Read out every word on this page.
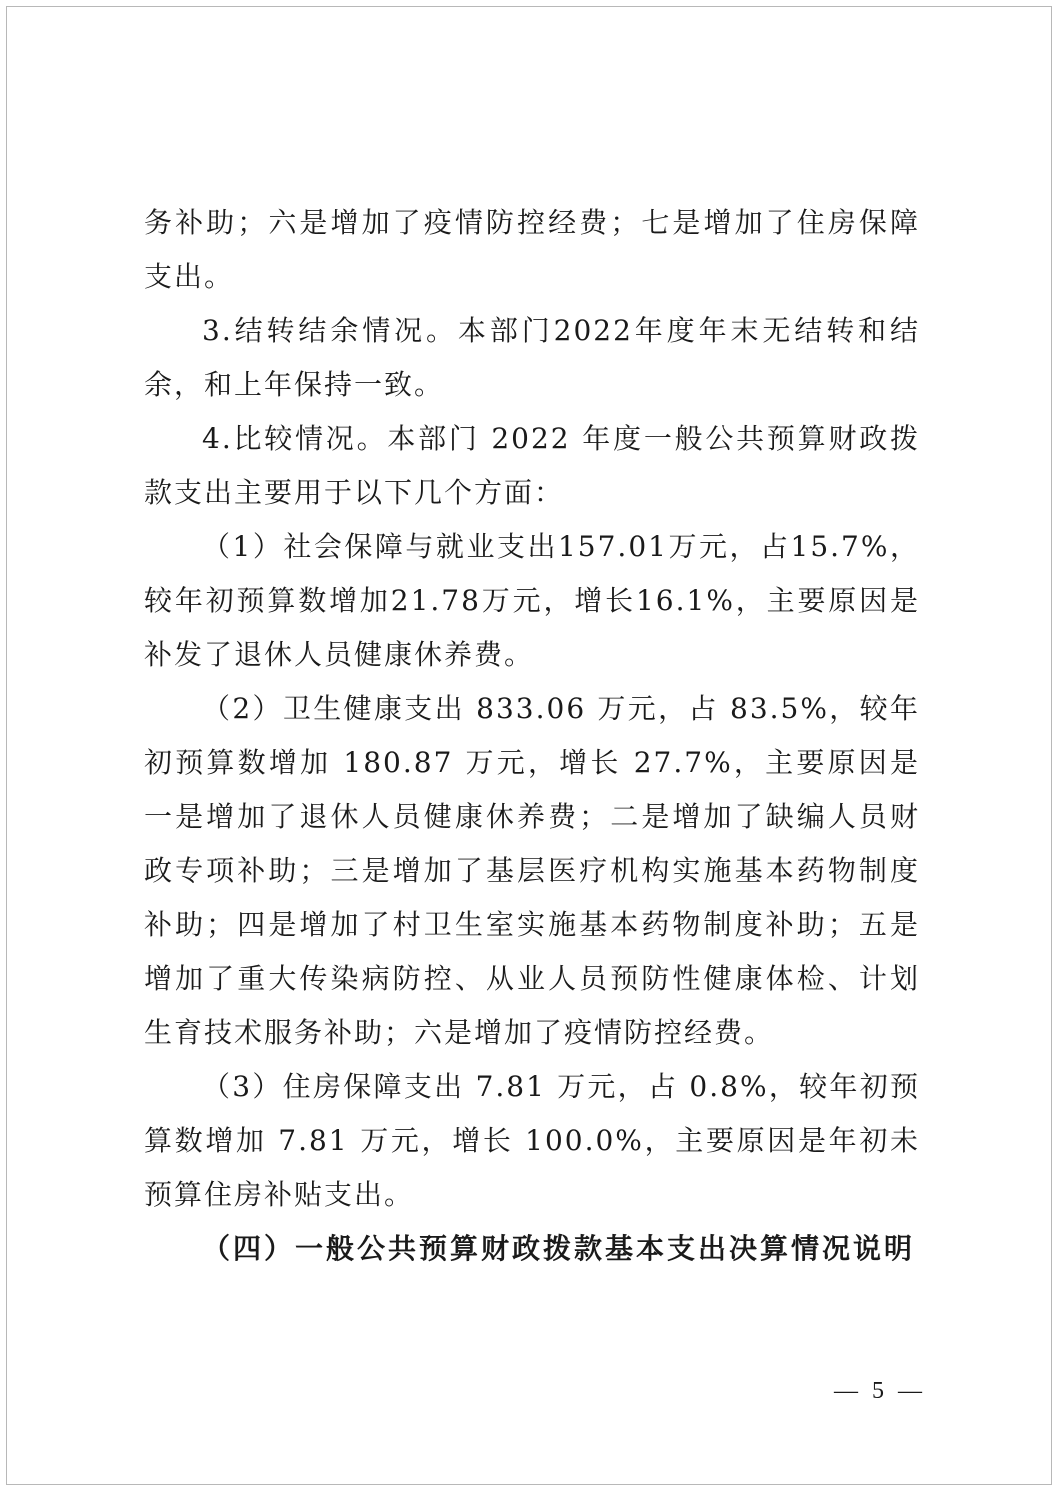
务补助；六是增加了疫情防控经费；七是增加了住房保障支出。

3.结转结余情况。本部门2022年度年末无结转和结余，和上年保持一致。

4.比较情况。本部门 2022 年度一般公共预算财政拨款支出主要用于以下几个方面：

（1）社会保障与就业支出157.01万元，占15.7%，较年初预算数增加21.78万元，增长16.1%，主要原因是补发了退休人员健康休养费。

（2）卫生健康支出 833.06 万元，占 83.5%，较年初预算数增加 180.87 万元，增长 27.7%，主要原因是一是增加了退休人员健康休养费；二是增加了缺编人员财政专项补助；三是增加了基层医疗机构实施基本药物制度补助；四是增加了村卫生室实施基本药物制度补助；五是增加了重大传染病防控、从业人员预防性健康体检、计划生育技术服务补助；六是增加了疫情防控经费。

（3）住房保障支出 7.81 万元，占 0.8%，较年初预算数增加 7.81 万元，增长 100.0%，主要原因是年初未预算住房补贴支出。

（四）一般公共预算财政拨款基本支出决算情况说明

— 5 —
